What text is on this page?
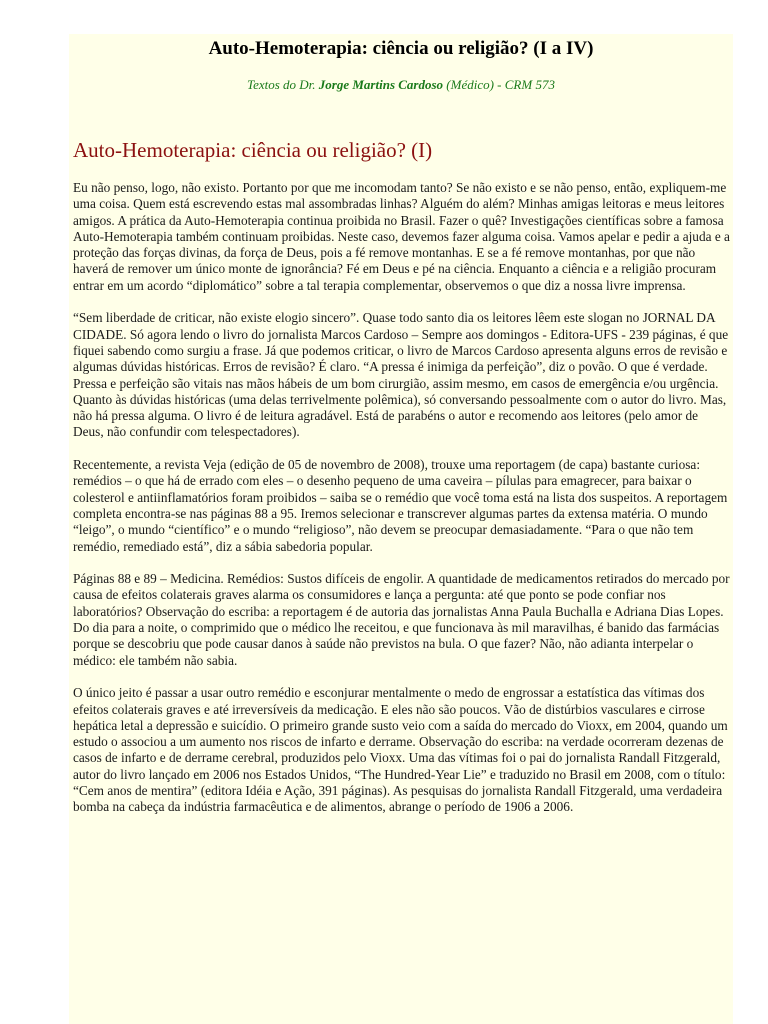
Auto-Hemoterapia: ciência ou religião? (I a IV)
Textos do Dr. Jorge Martins Cardoso (Médico) - CRM 573
Auto-Hemoterapia: ciência ou religião? (I)

Eu não penso, logo, não existo. Portanto por que me incomodam tanto? Se não existo e se não penso, então, expliquem-me uma coisa. Quem está escrevendo estas mal assombradas linhas? Alguém do além? Minhas amigas leitoras e meus leitores amigos. A prática da Auto-Hemoterapia continua proibida no Brasil. Fazer o quê? Investigações científicas sobre a famosa Auto-Hemoterapia também continuam proibidas. Neste caso, devemos fazer alguma coisa. Vamos apelar e pedir a ajuda e a proteção das forças divinas, da força de Deus, pois a fé remove montanhas. E se a fé remove montanhas, por que não haverá de remover um único monte de ignorância? Fé em Deus e pé na ciência. Enquanto a ciência e a religião procuram entrar em um acordo “diplomático” sobre a tal terapia complementar, observemos o que diz a nossa livre imprensa.

“Sem liberdade de criticar, não existe elogio sincero”. Quase todo santo dia os leitores lêem este slogan no JORNAL DA CIDADE. Só agora lendo o livro do jornalista Marcos Cardoso – Sempre aos domingos - Editora-UFS - 239 páginas, é que fiquei sabendo como surgiu a frase. Já que podemos criticar, o livro de Marcos Cardoso apresenta alguns erros de revisão e algumas dúvidas históricas. Erros de revisão? É claro. “A pressa é inimiga da perfeição”, diz o povão. O que é verdade. Pressa e perfeição são vitais nas mãos hábeis de um bom cirurgião, assim mesmo, em casos de emergência e/ou urgência. Quanto às dúvidas históricas (uma delas terrivelmente polêmica), só conversando pessoalmente com o autor do livro. Mas, não há pressa alguma. O livro é de leitura agradável. Está de parabéns o autor e recomendo aos leitores (pelo amor de
Deus, não confundir com telespectadores).

Recentemente, a revista Veja (edição de 05 de novembro de 2008), trouxe uma reportagem (de capa) bastante curiosa: remédios – o que há de errado com eles – o desenho pequeno de uma caveira – pílulas para emagrecer, para baixar o colesterol e antiinflamatórios foram proibidos – saiba se o remédio que você toma está na lista dos suspeitos. A reportagem completa encontra-se nas páginas 88 a 95. Iremos selecionar e transcrever algumas partes da extensa matéria. O mundo “leigo”, o mundo “científico” e o mundo “religioso”, não devem se preocupar demasiadamente. “Para o que não tem remédio, remediado está”, diz a sábia sabedoria popular.

Páginas 88 e 89 – Medicina. Remédios: Sustos difíceis de engolir. A quantidade de medicamentos retirados do mercado por causa de efeitos colaterais graves alarma os consumidores e lança a pergunta: até que ponto se pode confiar nos laboratórios? Observação do escriba: a reportagem é de autoria das jornalistas Anna Paula Buchalla e Adriana Dias Lopes. Do dia para a noite, o comprimido que o médico lhe receitou, e que funcionava às mil maravilhas, é banido das farmácias porque se descobriu que pode causar danos à saúde não previstos na bula. O que fazer? Não, não adianta interpelar o médico: ele também não sabia.

O único jeito é passar a usar outro remédio e esconjurar mentalmente o medo de engrossar a estatística das vítimas dos efeitos colaterais graves e até irreversíveis da medicação. E eles não são poucos. Vão de distúrbios vasculares e cirrose hepática letal a depressão e suicídio. O primeiro grande susto veio com a saída do mercado do Vioxx, em 2004, quando um estudo o associou a um aumento nos riscos de infarto e derrame. Observação do escriba: na verdade ocorreram dezenas de casos de infarto e de derrame cerebral, produzidos pelo Vioxx. Uma das vítimas foi o pai do jornalista Randall Fitzgerald, autor do livro lançado em 2006 nos Estados Unidos, “The Hundred-Year Lie” e traduzido no Brasil em 2008, com o título: “Cem anos de mentira” (editora Idéia e Ação, 391 páginas). As pesquisas do jornalista Randall Fitzgerald, uma verdadeira bomba na cabeça da indústria farmacêutica e de alimentos, abrange o período de 1906 a 2006.
